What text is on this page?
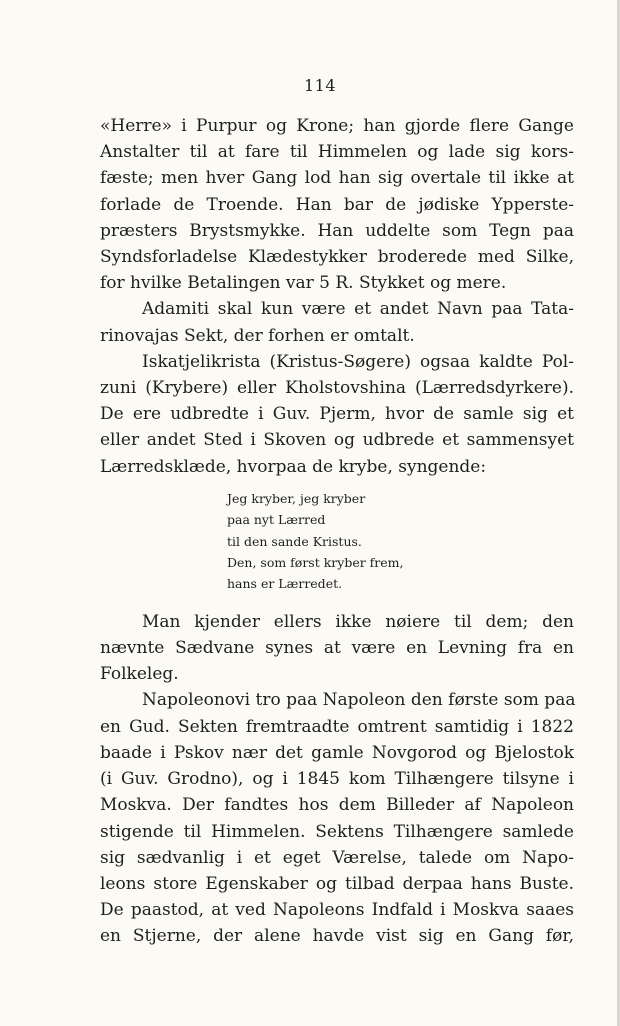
114
«Herre» i Purpur og Krone; han gjorde flere Gange
Anstalter til at fare til Himmelen og lade sig kors-
fæste; men hver Gang lod han sig overtale til ikke at
forlade de Troende. Han bar de jødiske Ypperste-
præsters Brystsmykke. Han uddelte som Tegn paa
Syndsforladelse Klædestykker broderede med Silke,
for hvilke Betalingen var 5 R. Stykket og mere.
Adamiti skal kun være et andet Navn paa Tata-
rinovajas Sekt, der forhen er omtalt.
Iskatjelikrista (Kristus-Søgere) ogsaa kaldte Pol-
zuni (Krybere) eller Kholstovshina (Lærredsdyrkere).
De ere udbredte i Guv. Pjerm, hvor de samle sig et
eller andet Sted i Skoven og udbrede et sammensyet
Lærredsklæde, hvorpaa de krybe, syngende:
Jeg kryber, jeg kryber
paa nyt Lærred
til den sande Kristus.
Den, som først kryber frem,
hans er Lærredet.
Man kjender ellers ikke nøiere til dem; den
nævnte Sædvane synes at være en Levning fra en
Folkeleg.
Napoleonovi tro paa Napoleon den første som paa
en Gud. Sekten fremtraadte omtrent samtidig i 1822
baade i Pskov nær det gamle Novgorod og Bjelostok
(i Guv. Grodno), og i 1845 kom Tilhængere tilsyne i
Moskva. Der fandtes hos dem Billeder af Napoleon
stigende til Himmelen. Sektens Tilhængere samlede
sig sædvanlig i et eget Værelse, talede om Napo-
leons store Egenskaber og tilbad derpaa hans Buste.
De paastod, at ved Napoleons Indfald i Moskva saaes
en Stjerne, der alene havde vist sig en Gang før,
